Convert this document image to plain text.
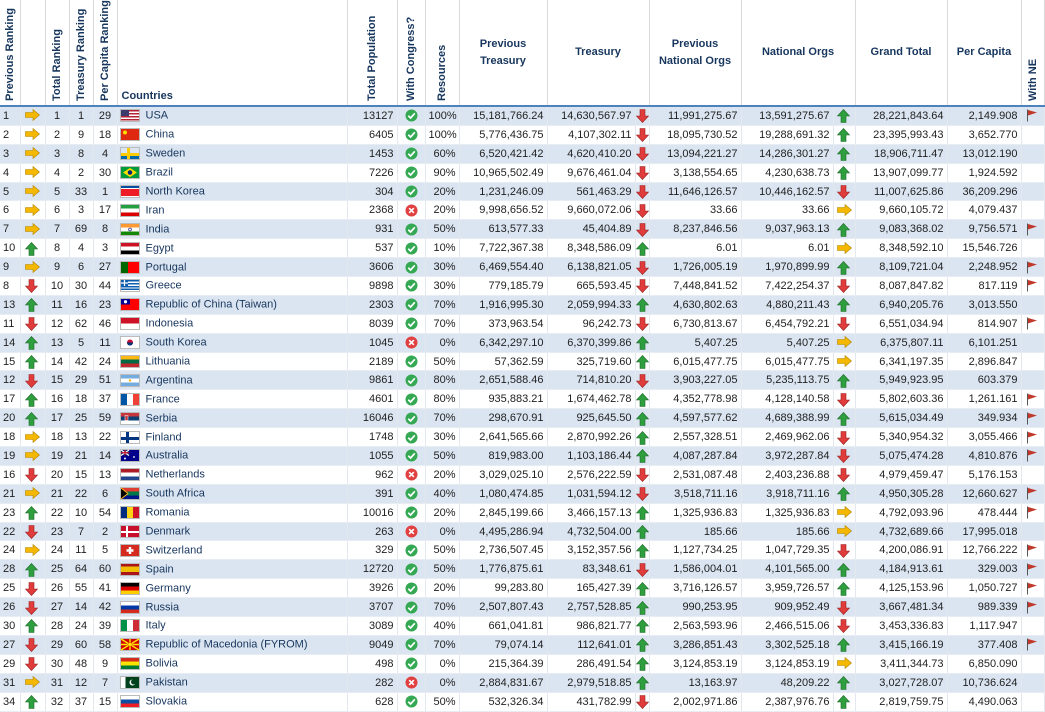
Previous Ranking		Total Ranking	Treasury Ranking	Per Capita Ranking	Countries	Total Population	With Congress?	Resources	Previous Treasury	Treasury		Previous National Orgs	National Orgs		Grand Total	Per Capita	With NE

1		1	1	29	USA	13127		100%	15,181,766.24	14,630,567.97		11,991,275.67	13,591,275.67		28,221,843.64	2,149.908	

2		2	9	18	China	6405		100%	5,776,436.75	4,107,302.11		18,095,730.52	19,288,691.32		23,395,993.43	3,652.770	
3		3	8	4	Sweden	1453		60%	6,520,421.42	4,620,410.20		13,094,221.27	14,286,301.27		18,906,711.47	13,012.190	
4		4	2	30	Brazil	7226		90%	10,965,502.49	9,676,461.04		3,138,554.65	4,230,638.73		13,907,099.77	1,924.592	
5		5	33	1	North Korea	304		20%	1,231,246.09	561,463.29		11,646,126.57	10,446,162.57		11,007,625.86	36,209.296	
6		6	3	17	Iran	2368		20%	9,998,656.52	9,660,072.06		33.66	33.66		9,660,105.72	4,079.437	
7		7	69	8	India	931		50%	613,577.33	45,404.89		8,237,846.56	9,037,963.13		9,083,368.02	9,756.571	

10		8	4	3	Egypt	537		10%	7,722,367.38	8,348,586.09		6.01	6.01		8,348,592.10	15,546.726	
9		9	6	27	Portugal	3606		30%	6,469,554.40	6,138,821.05		1,726,005.19	1,970,899.99		8,109,721.04	2,248.952	

8		10	30	44	Greece	9898		30%	779,185.79	665,593.45		7,448,841.52	7,422,254.37		8,087,847.82	817.119	

13		11	16	23	Republic of China (Taiwan)	2303		70%	1,916,995.30	2,059,994.33		4,630,802.63	4,880,211.43		6,940,205.76	3,013.550	
11		12	62	46	Indonesia	8039		70%	373,963.54	96,242.73		6,730,813.67	6,454,792.21		6,551,034.94	814.907	

14		13	5	11	South Korea	1045		0%	6,342,297.10	6,370,399.86		5,407.25	5,407.25		6,375,807.11	6,101.251	
15		14	42	24	Lithuania	2189		50%	57,362.59	325,719.60		6,015,477.75	6,015,477.75		6,341,197.35	2,896.847	
12		15	29	51	Argentina	9861		80%	2,651,588.46	714,810.20		3,903,227.05	5,235,113.75		5,949,923.95	603.379	
17		16	18	37	France	4601		80%	935,883.21	1,674,462.78		4,352,778.98	4,128,140.58		5,802,603.36	1,261.161	

20		17	25	59	Serbia	16046		70%	298,670.91	925,645.50		4,597,577.62	4,689,388.99		5,615,034.49	349.934	

18		18	13	22	Finland	1748		30%	2,641,565.66	2,870,992.26		2,557,328.51	2,469,962.06		5,340,954.32	3,055.466	

19		19	21	14	Australia	1055		50%	819,983.00	1,103,186.44		4,087,287.84	3,972,287.84		5,075,474.28	4,810.876	

16		20	15	13	Netherlands	962		20%	3,029,025.10	2,576,222.59		2,531,087.48	2,403,236.88		4,979,459.47	5,176.153	
21		21	22	6	South Africa	391		40%	1,080,474.85	1,031,594.12		3,518,711.16	3,918,711.16		4,950,305.28	12,660.627	

23		22	10	54	Romania	10016		20%	2,845,199.66	3,466,157.13		1,325,936.83	1,325,936.83		4,792,093.96	478.444	

22		23	7	2	Denmark	263		0%	4,495,286.94	4,732,504.00		185.66	185.66		4,732,689.66	17,995.018	
24		24	11	5	Switzerland	329		50%	2,736,507.45	3,152,357.56		1,127,734.25	1,047,729.35		4,200,086.91	12,766.222	

28		25	64	60	Spain	12720		50%	1,776,875.61	83,348.61		1,586,004.01	4,101,565.00		4,184,913.61	329.003	

25		26	55	41	Germany	3926		20%	99,283.80	165,427.39		3,716,126.57	3,959,726.57		4,125,153.96	1,050.727	

26		27	14	42	Russia	3707		70%	2,507,807.43	2,757,528.85		990,253.95	909,952.49		3,667,481.34	989.339	

30		28	24	39	Italy	3089		40%	661,041.81	986,821.77		2,563,593.96	2,466,515.06		3,453,336.83	1,117.947	
27		29	60	58	Republic of Macedonia (FYROM)	9049		70%	79,074.14	112,641.01		3,286,851.43	3,302,525.18		3,415,166.19	377.408	

29		30	48	9	Bolivia	498		0%	215,364.39	286,491.54		3,124,853.19	3,124,853.19		3,411,344.73	6,850.090	
31		31	12	7	Pakistan	282		0%	2,884,831.67	2,979,518.85		13,163.97	48,209.22		3,027,728.07	10,736.624	
34		32	37	15	Slovakia	628		50%	532,326.34	431,782.99		2,002,971.86	2,387,976.76		2,819,759.75	4,490.063	
